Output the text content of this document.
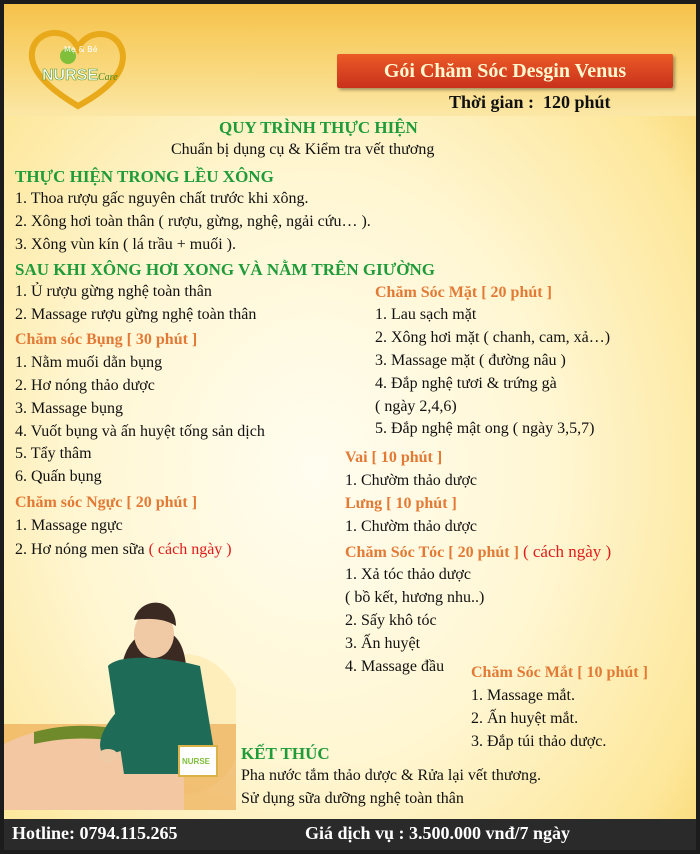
Mẹ & Bé
NURSE Care	Gói Chăm Sóc Desgin Venus
Thời gian :  120 phút
QUY TRÌNH THỰC HIỆN
Chuẩn bị dụng cụ & Kiểm tra vết thương
THỰC HIỆN TRONG LỀU XÔNG
1. Thoa rượu gấc nguyên chất trước khi xông.
2. Xông hơi toàn thân ( rượu, gừng, nghệ, ngải cứu… ).
3. Xông vùn kín ( lá trầu + muối ).
SAU KHI XÔNG HƠI XONG VÀ NẰM TRÊN GIƯỜNG
1. Ủ rượu gừng nghệ toàn thân
2. Massage rượu gừng nghệ toàn thân
Chăm sóc Bụng [ 30 phút ]
1. Nằm muối dằn bụng
2. Hơ nóng thảo dược
3. Massage bụng
4. Vuốt bụng và ấn huyệt tống sản dịch
5. Tẩy thâm
6. Quấn bụng
Chăm sóc Ngực [ 20 phút ]
1. Massage ngực
2. Hơ nóng men sữa ( cách ngày )
Chăm Sóc Mặt [ 20 phút ]
1. Lau sạch mặt
2. Xông hơi mặt ( chanh, cam, xả…)
3. Massage mặt ( đường nâu )
4. Đắp nghệ tươi & trứng gà
( ngày 2,4,6)
5. Đắp nghệ mật ong ( ngày 3,5,7)
Vai [ 10 phút ]
1. Chườm thảo dược
Lưng [ 10 phút ]
1. Chườm thảo dược
Chăm Sóc Tóc [ 20 phút ] ( cách ngày )
1. Xả tóc thảo dược
( bồ kết, hương nhu..)
2. Sấy khô tóc
3. Ấn huyệt
4. Massage đầu Chăm Sóc Mắt [ 10 phút ]
1. Massage mắt.
2. Ấn huyệt mắt.
3. Đắp túi thảo dược.
KẾT THÚC
Pha nước tắm thảo dược & Rửa lại vết thương.
Sử dụng sữa dưỡng nghệ toàn thân
NURSE
Hotline: 0794.115.265	Giá dịch vụ : 3.500.000 vnđ/7 ngày
